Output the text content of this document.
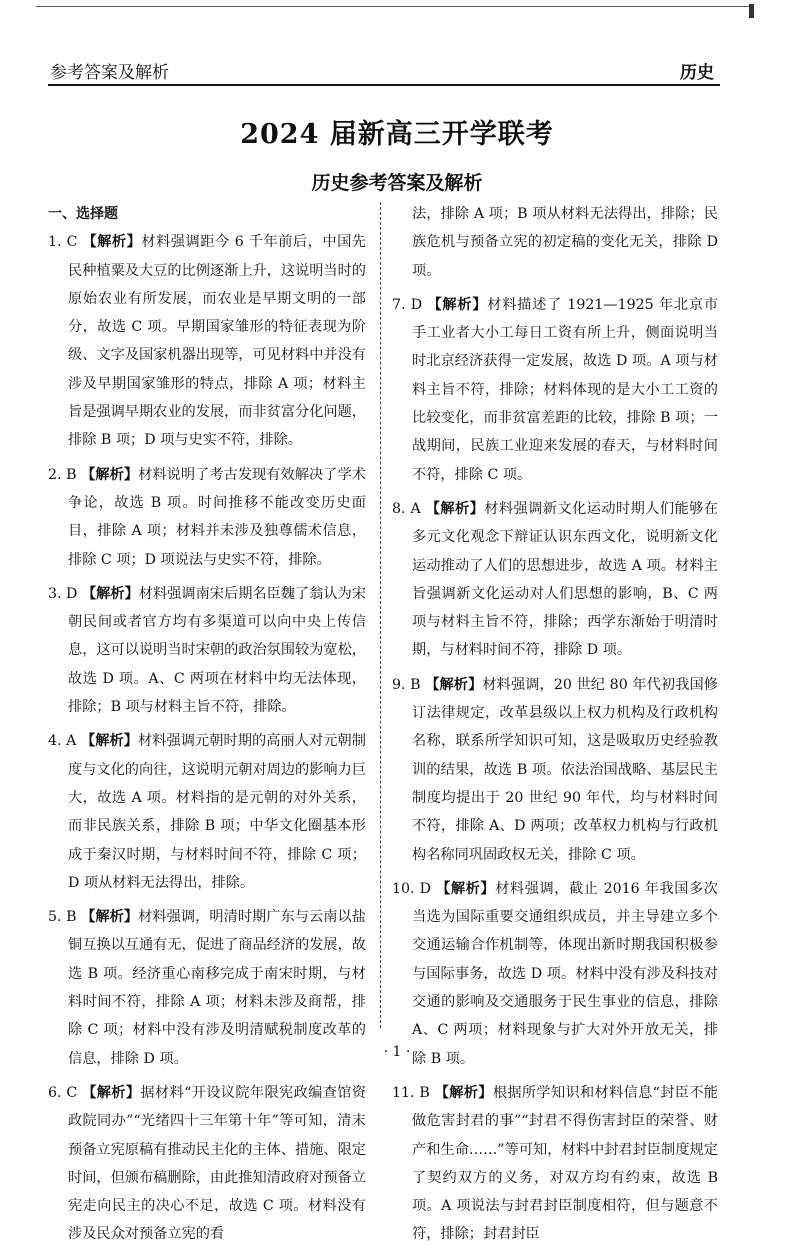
参考答案及解析	历史
2024 届新高三开学联考
历史参考答案及解析
一、选择题

1. C 【解析】材料强调距今 6 千年前后，中国先民种植粟及大豆的比例逐渐上升，这说明当时的原始农业有所发展，而农业是早期文明的一部分，故选 C 项。早期国家雏形的特征表现为阶级、文字及国家机器出现等，可见材料中并没有涉及早期国家雏形的特点，排除 A 项；材料主旨是强调早期农业的发展，而非贫富分化问题，排除 B 项；D 项与史实不符，排除。

2. B 【解析】材料说明了考古发现有效解决了学术争论，故选 B 项。时间推移不能改变历史面目，排除 A 项；材料并未涉及独尊儒术信息，排除 C 项；D 项说法与史实不符，排除。

3. D 【解析】材料强调南宋后期名臣魏了翁认为宋朝民间或者官方均有多渠道可以向中央上传信息，这可以说明当时宋朝的政治氛围较为宽松，故选 D 项。A、C 两项在材料中均无法体现，排除；B 项与材料主旨不符，排除。

4. A 【解析】材料强调元朝时期的高丽人对元朝制度与文化的向往，这说明元朝对周边的影响力巨大，故选 A 项。材料指的是元朝的对外关系，而非民族关系，排除 B 项；中华文化圈基本形成于秦汉时期，与材料时间不符，排除 C 项；D 项从材料无法得出，排除。

5. B 【解析】材料强调，明清时期广东与云南以盐铜互换以互通有无，促进了商品经济的发展，故选 B 项。经济重心南移完成于南宋时期，与材料时间不符，排除 A 项；材料未涉及商帮，排除 C 项；材料中没有涉及明清赋税制度改革的信息，排除 D 项。

6. C 【解析】据材料“开设议院年限宪政编查馆资政院同办”“光绪四十三年第十年”等可知，清末预备立宪原稿有推动民主化的主体、措施、限定时间，但颁布稿删除，由此推知清政府对预备立宪走向民主的决心不足，故选 C 项。材料没有涉及民众对预备立宪的看

法，排除 A 项；B 项从材料无法得出，排除；民族危机与预备立宪的初定稿的变化无关，排除 D 项。

7. D 【解析】材料描述了 1921—1925 年北京市手工业者大小工每日工资有所上升，侧面说明当时北京经济获得一定发展，故选 D 项。A 项与材料主旨不符，排除；材料体现的是大小工工资的比较变化，而非贫富差距的比较，排除 B 项；一战期间，民族工业迎来发展的春天，与材料时间不符，排除 C 项。

8. A 【解析】材料强调新文化运动时期人们能够在多元文化观念下辩证认识东西文化，说明新文化运动推动了人们的思想进步，故选 A 项。材料主旨强调新文化运动对人们思想的影响，B、C 两项与材料主旨不符，排除；西学东渐始于明清时期，与材料时间不符，排除 D 项。

9. B 【解析】材料强调，20 世纪 80 年代初我国修订法律规定，改革县级以上权力机构及行政机构名称，联系所学知识可知，这是吸取历史经验教训的结果，故选 B 项。依法治国战略、基层民主制度均提出于 20 世纪 90 年代，均与材料时间不符，排除 A、D 两项；改革权力机构与行政机构名称同巩固政权无关，排除 C 项。

10. D 【解析】材料强调，截止 2016 年我国多次当选为国际重要交通组织成员，并主导建立多个交通运输合作机制等，体现出新时期我国积极参与国际事务，故选 D 项。材料中没有涉及科技对交通的影响及交通服务于民生事业的信息，排除 A、C 两项；材料现象与扩大对外开放无关，排除 B 项。

11. B 【解析】根据所学知识和材料信息“封臣不能做危害封君的事”“封君不得伤害封臣的荣誉、财产和生命……”等可知，材料中封君封臣制度规定了契约双方的义务，对双方均有约束，故选 B 项。A 项说法与封君封臣制度相符，但与题意不符，排除；封君封臣

· 1 ·
